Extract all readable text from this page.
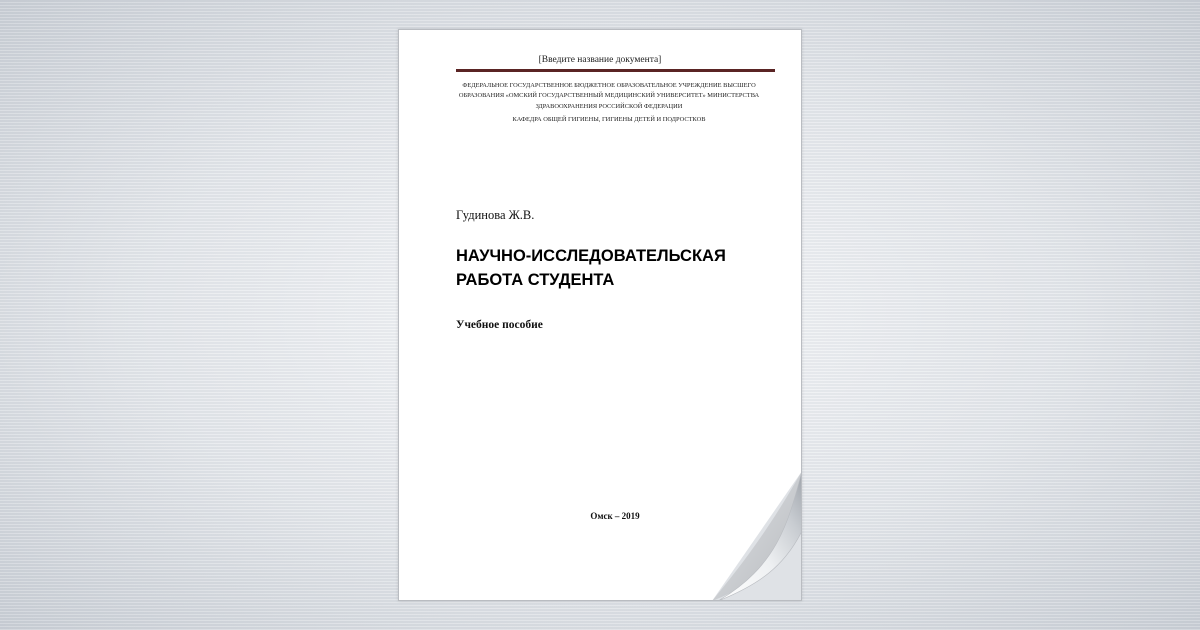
[Введите название документа]
ФЕДЕРАЛЬНОЕ ГОСУДАРСТВЕННОЕ БЮДЖЕТНОЕ ОБРАЗОВАТЕЛЬНОЕ УЧРЕЖДЕНИЕ ВЫСШЕГО ОБРАЗОВАНИЯ «ОМСКИЙ ГОСУДАРСТВЕННЫЙ МЕДИЦИНСКИЙ УНИВЕРСИТЕТ» МИНИСТЕРСТВА ЗДРАВООХРАНЕНИЯ РОССИЙСКОЙ ФЕДЕРАЦИИ
КАФЕДРА ОБЩЕЙ ГИГИЕНЫ, ГИГИЕНЫ ДЕТЕЙ И ПОДРОСТКОВ
Гудинова Ж.В.
НАУЧНО-ИССЛЕДОВАТЕЛЬСКАЯ
РАБОТА СТУДЕНТА
Учебное пособие
Омск – 2019
